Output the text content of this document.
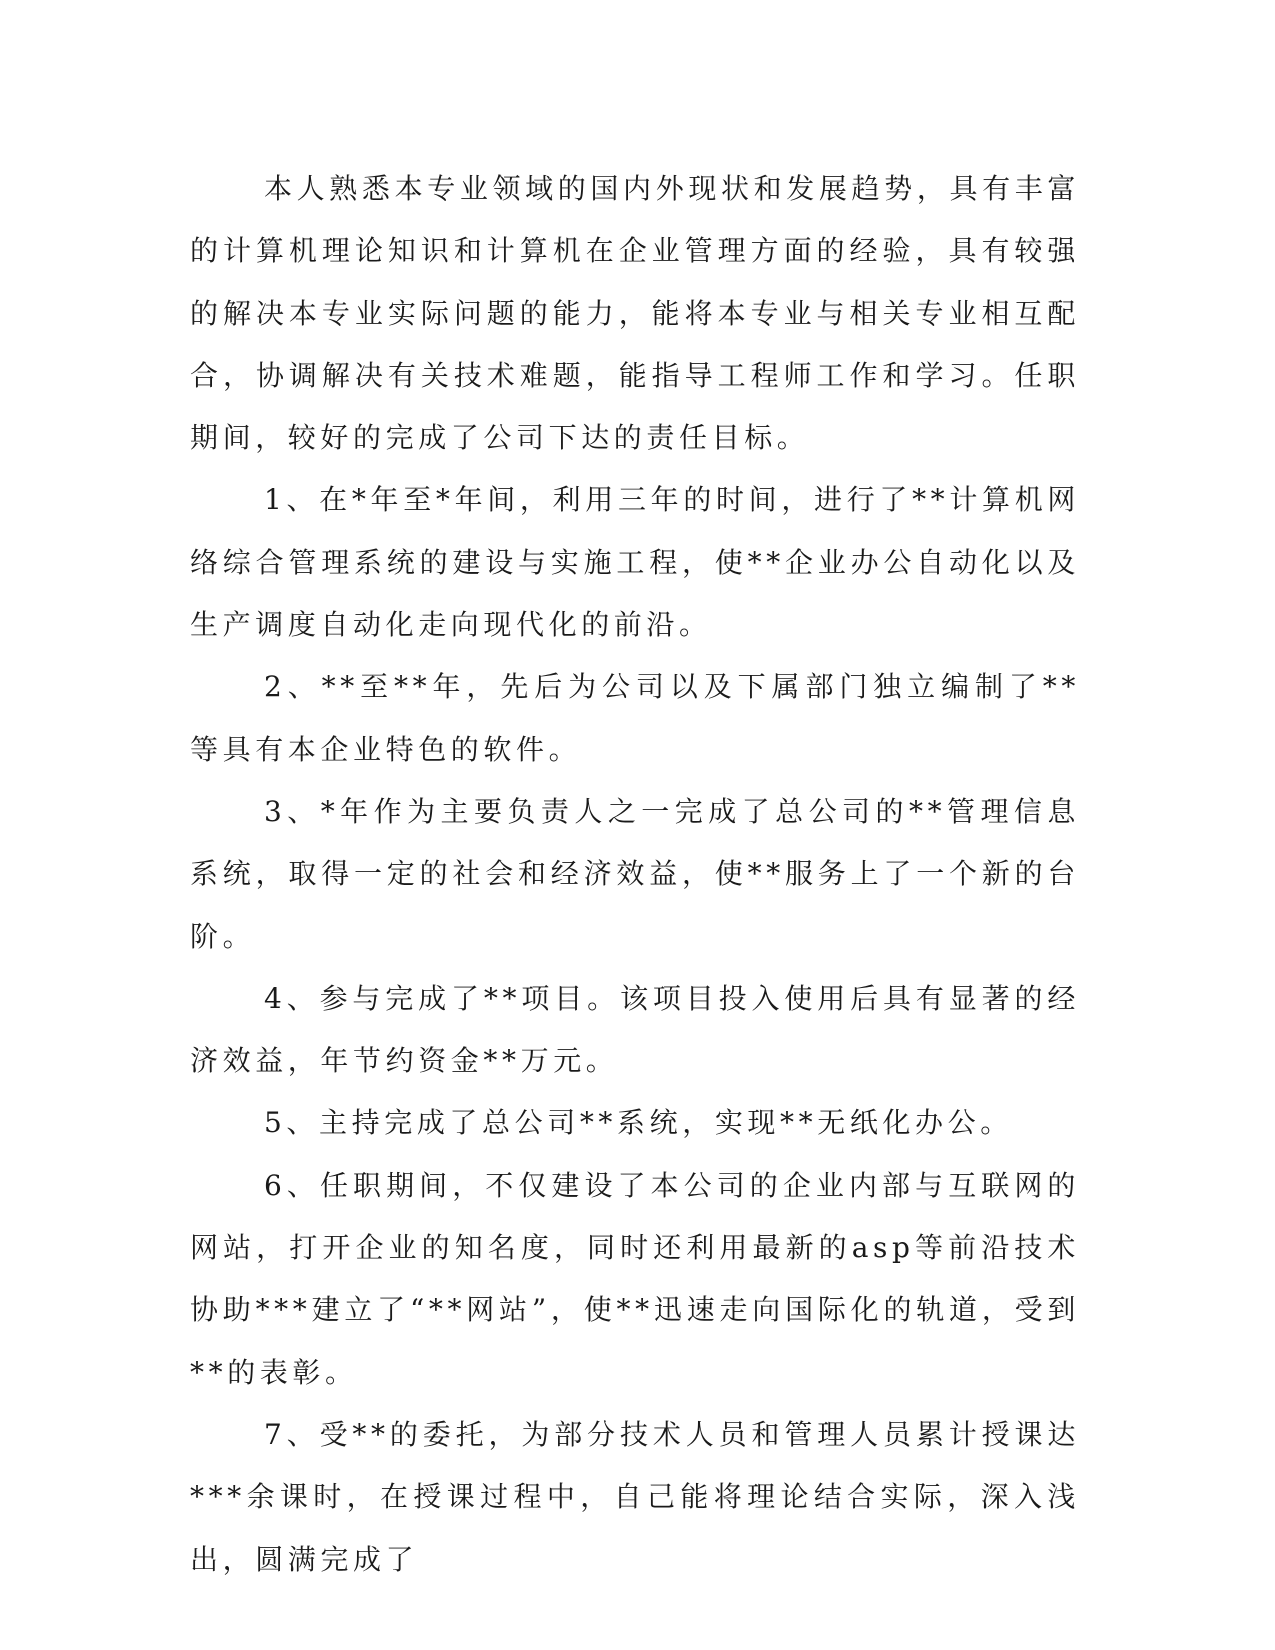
本人熟悉本专业领域的国内外现状和发展趋势，具有丰富的计算机理论知识和计算机在企业管理方面的经验，具有较强的解决本专业实际问题的能力，能将本专业与相关专业相互配合，协调解决有关技术难题，能指导工程师工作和学习。任职期间，较好的完成了公司下达的责任目标。

1、在*年至*年间，利用三年的时间，进行了**计算机网络综合管理系统的建设与实施工程，使**企业办公自动化以及生产调度自动化走向现代化的前沿。

2、**至**年，先后为公司以及下属部门独立编制了**等具有本企业特色的软件。

3、*年作为主要负责人之一完成了总公司的**管理信息系统，取得一定的社会和经济效益，使**服务上了一个新的台阶。

4、参与完成了**项目。该项目投入使用后具有显著的经济效益，年节约资金**万元。

5、主持完成了总公司**系统，实现**无纸化办公。

6、任职期间，不仅建设了本公司的企业内部与互联网的网站，打开企业的知名度，同时还利用最新的asp等前沿技术协助***建立了“**网站”，使**迅速走向国际化的轨道，受到**的表彰。

7、受**的委托，为部分技术人员和管理人员累计授课达***余课时，在授课过程中，自己能将理论结合实际，深入浅出，圆满完成了
